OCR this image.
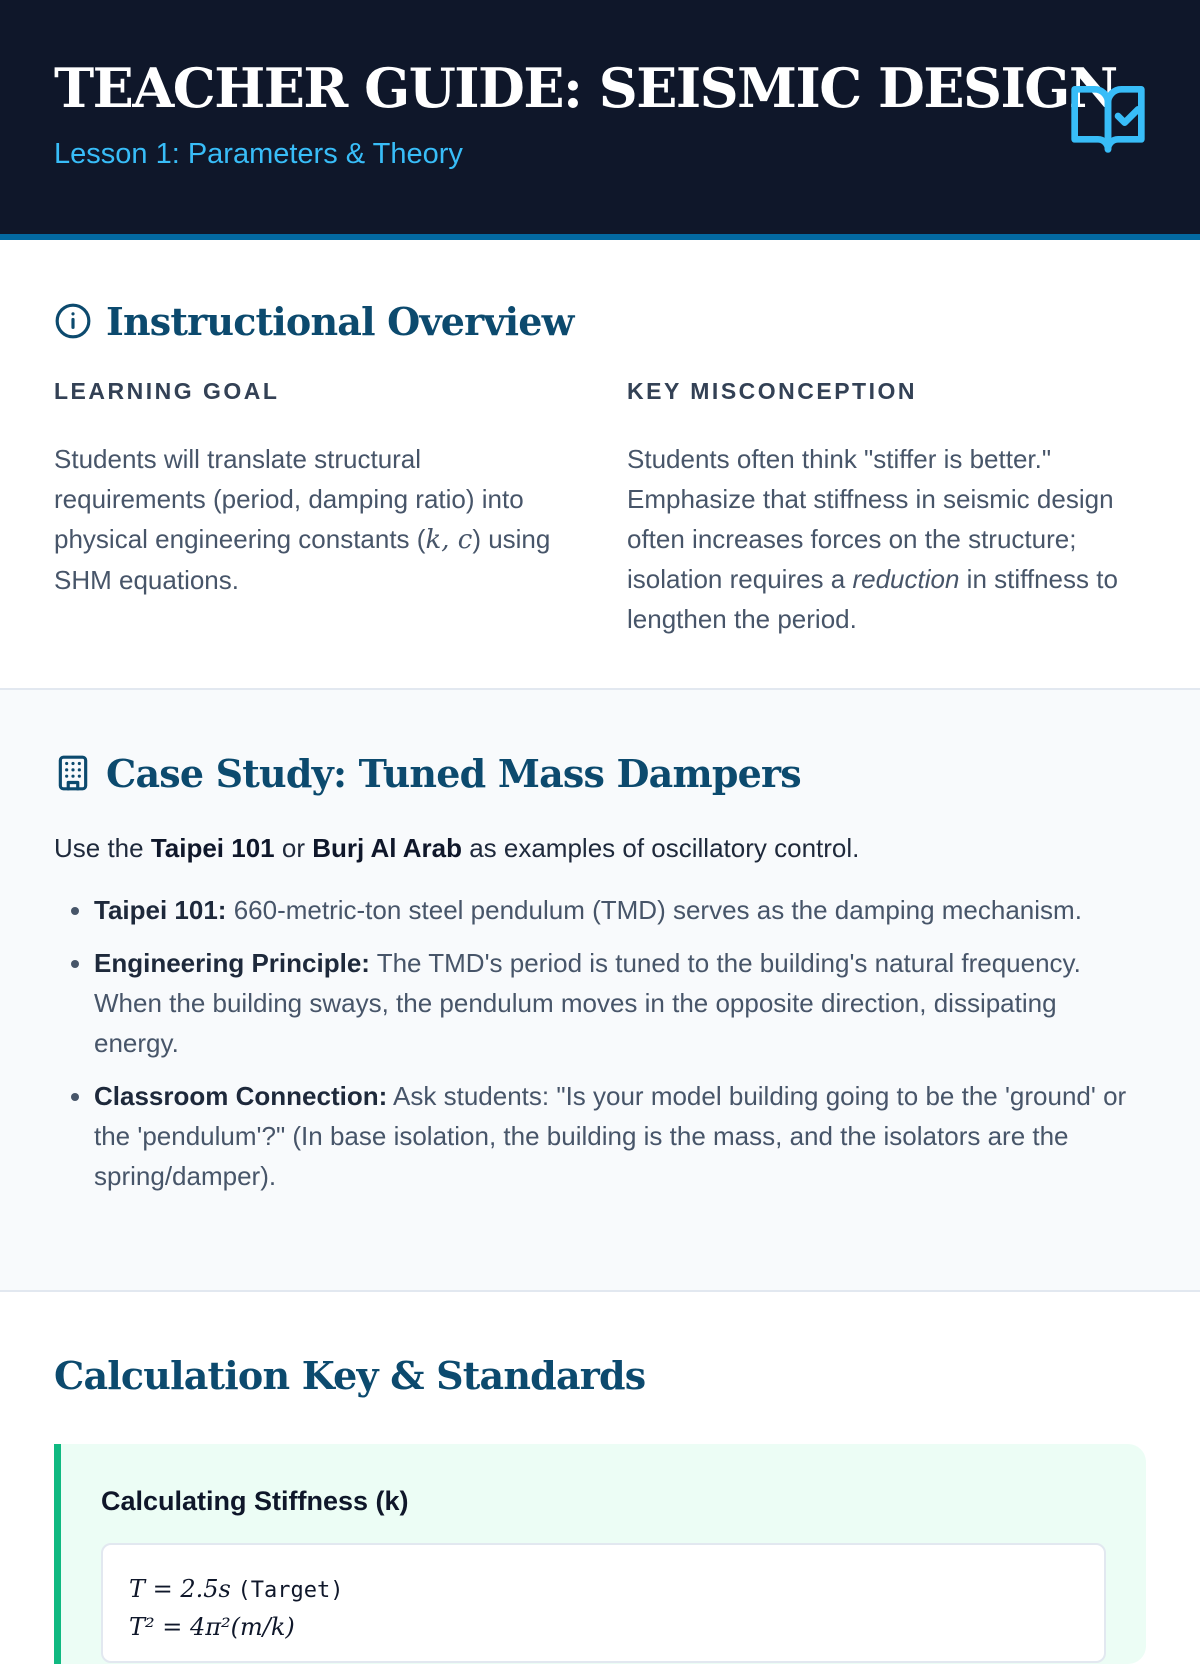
TEACHER GUIDE: SEISMIC DESIGN
Lesson 1: Parameters & Theory
Instructional Overview
LEARNING GOAL

Students will translate structural requirements (period, damping ratio) into physical engineering constants (k, c) using SHM equations.

KEY MISCONCEPTION

Students often think "stiffer is better." Emphasize that stiffness in seismic design often increases forces on the structure; isolation requires a reduction in stiffness to lengthen the period.

Case Study: Tuned Mass Dampers

Use the Taipei 101 or Burj Al Arab as examples of oscillatory control.

• Taipei 101: 660-metric-ton steel pendulum (TMD) serves as the damping mechanism.
• Engineering Principle: The TMD's period is tuned to the building's natural frequency. When the building sways, the pendulum moves in the opposite direction, dissipating energy.
• Classroom Connection: Ask students: "Is your model building going to be the 'ground' or the 'pendulum'?" (In base isolation, the building is the mass, and the isolators are the spring/damper).
Calculation Key & Standards
Calculating Stiffness (k)
T = 2.5s (Target)
T² = 4π²(m/k)
